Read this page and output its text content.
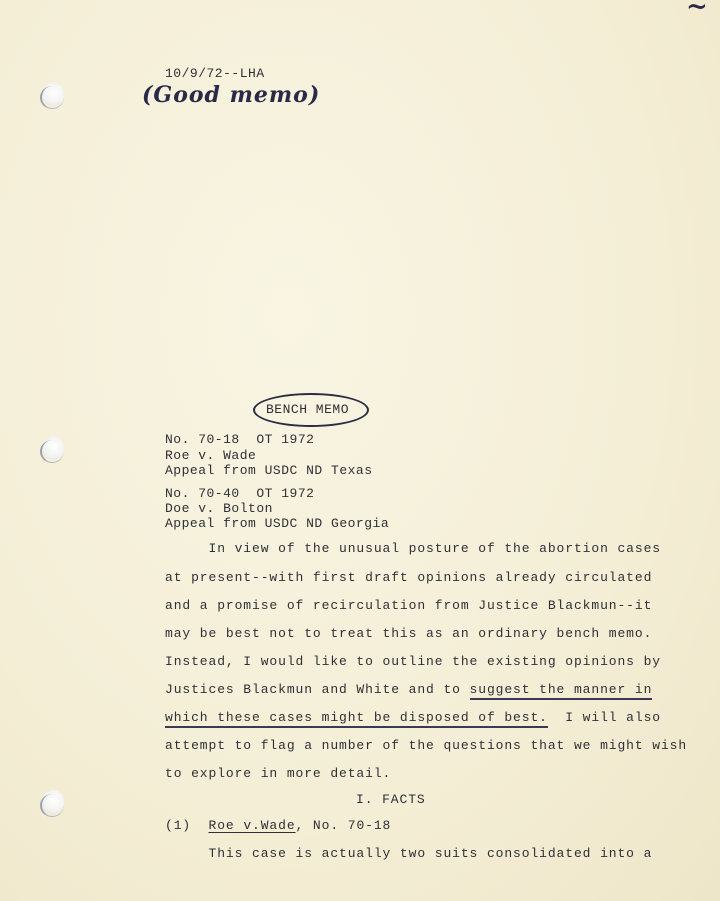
~
10/9/72--LHA
(Good memo)
BENCH MEMO
No. 70-18  OT 1972
Roe v. Wade
Appeal from USDC ND Texas
No. 70-40  OT 1972
Doe v. Bolton
Appeal from USDC ND Georgia
In view of the unusual posture of the abortion cases
at present--with first draft opinions already circulated
and a promise of recirculation from Justice Blackmun--it
may be best not to treat this as an ordinary bench memo.
Instead, I would like to outline the existing opinions by
Justices Blackmun and White and to suggest the manner in
which these cases might be disposed of best.  I will also
attempt to flag a number of the questions that we might wish
to explore in more detail.
I. FACTS
(1)  Roe v.Wade, No. 70-18
This case is actually two suits consolidated into a
